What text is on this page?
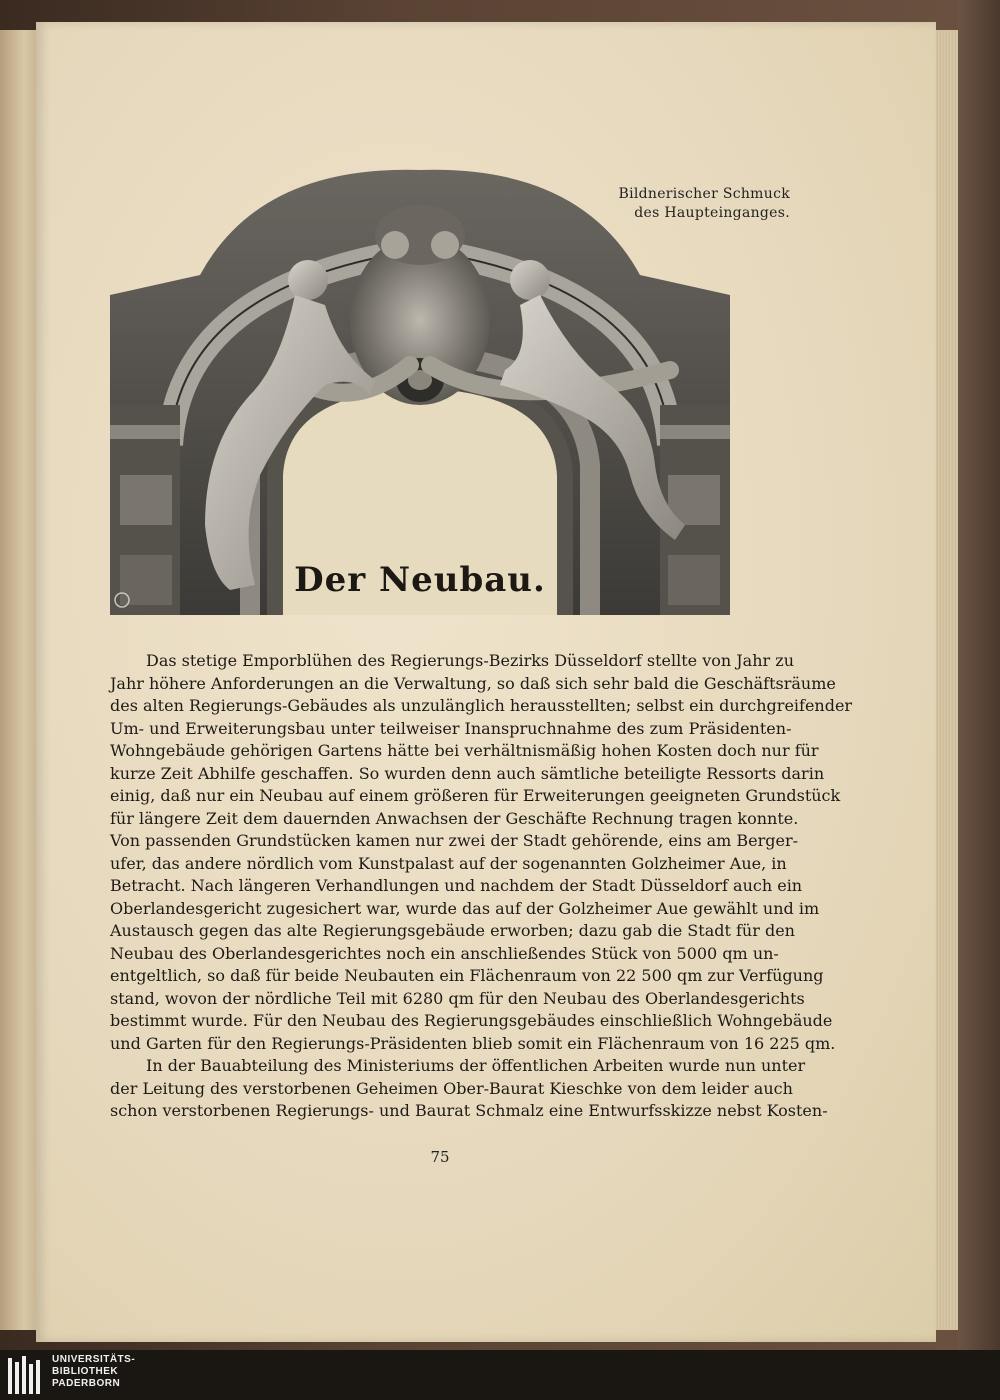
Bildnerischer Schmuck
des Haupteinganges.
Der Neubau.
Das stetige Emporblühen des Regierungs-Bezirks Düsseldorf stellte von Jahr zu
Jahr höhere Anforderungen an die Verwaltung, so daß sich sehr bald die Geschäftsräume
des alten Regierungs-Gebäudes als unzulänglich herausstellten; selbst ein durchgreifender
Um- und Erweiterungsbau unter teilweiser Inanspruchnahme des zum Präsidenten-
Wohngebäude gehörigen Gartens hätte bei verhältnismäßig hohen Kosten doch nur für
kurze Zeit Abhilfe geschaffen. So wurden denn auch sämtliche beteiligte Ressorts darin
einig, daß nur ein Neubau auf einem größeren für Erweiterungen geeigneten Grundstück
für längere Zeit dem dauernden Anwachsen der Geschäfte Rechnung tragen konnte.
Von passenden Grundstücken kamen nur zwei der Stadt gehörende, eins am Berger-
ufer, das andere nördlich vom Kunstpalast auf der sogenannten Golzheimer Aue, in
Betracht. Nach längeren Verhandlungen und nachdem der Stadt Düsseldorf auch ein
Oberlandesgericht zugesichert war, wurde das auf der Golzheimer Aue gewählt und im
Austausch gegen das alte Regierungsgebäude erworben; dazu gab die Stadt für den
Neubau des Oberlandesgerichtes noch ein anschließendes Stück von 5000 qm un-
entgeltlich, so daß für beide Neubauten ein Flächenraum von 22 500 qm zur Verfügung
stand, wovon der nördliche Teil mit 6280 qm für den Neubau des Oberlandesgerichts
bestimmt wurde. Für den Neubau des Regierungsgebäudes einschließlich Wohngebäude
und Garten für den Regierungs-Präsidenten blieb somit ein Flächenraum von 16 225 qm.
In der Bauabteilung des Ministeriums der öffentlichen Arbeiten wurde nun unter
der Leitung des verstorbenen Geheimen Ober-Baurat Kieschke von dem leider auch
schon verstorbenen Regierungs- und Baurat Schmalz eine Entwurfsskizze nebst Kosten-
75
UNIVERSITÄTS-
BIBLIOTHEK
PADERBORN
